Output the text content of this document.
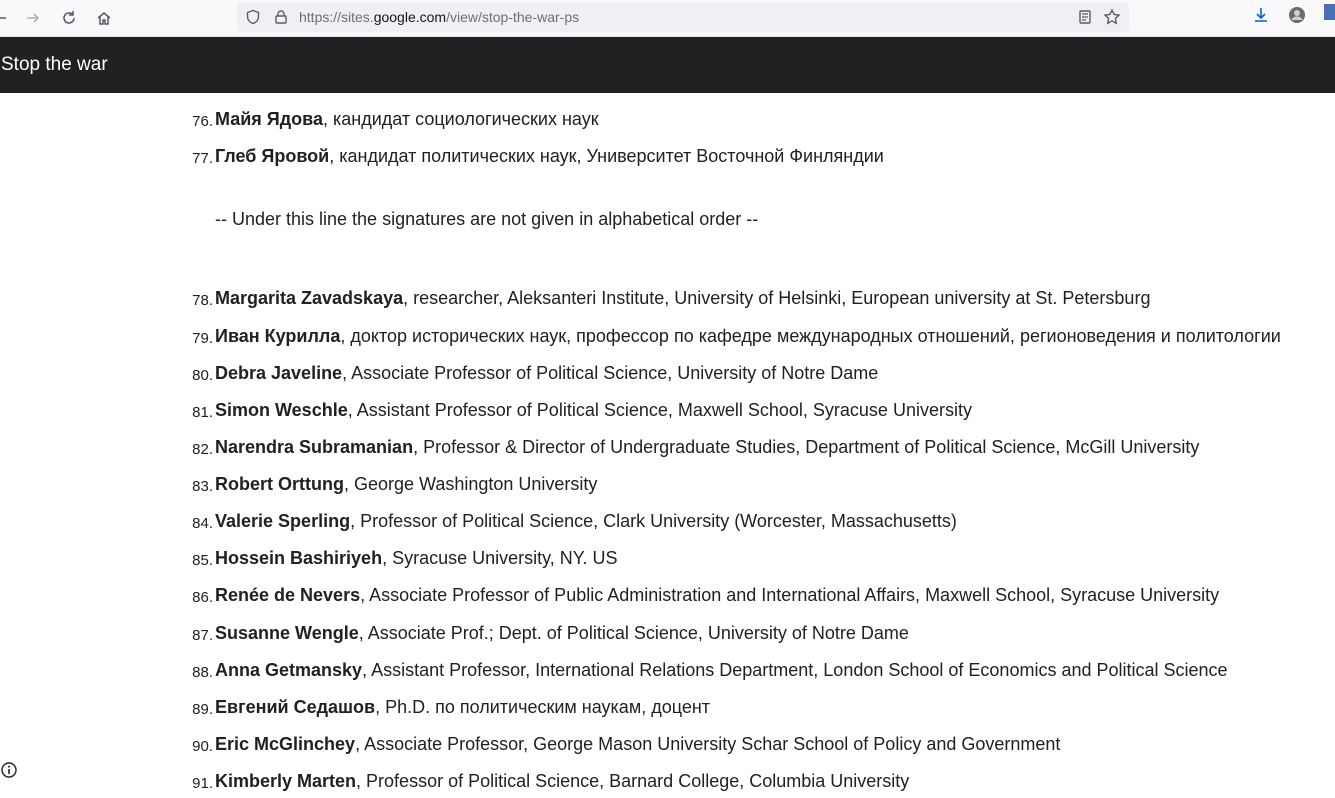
https://sites.google.com/view/stop-the-war-ps
Stop the war
76. Майя Ядова, кандидат социологических наук
77. Глеб Яровой, кандидат политических наук, Университет Восточной Финляндии
78. Margarita Zavadskaya, researcher, Aleksanteri Institute, University of Helsinki, European university at St. Petersburg
79. Иван Курилла, доктор исторических наук, профессор по кафедре международных отношений, регионоведения и политологии
80. Debra Javeline, Associate Professor of Political Science, University of Notre Dame
81. Simon Weschle, Assistant Professor of Political Science, Maxwell School, Syracuse University
82. Narendra Subramanian, Professor & Director of Undergraduate Studies, Department of Political Science, McGill University
83. Robert Orttung, George Washington University
84. Valerie Sperling, Professor of Political Science, Clark University (Worcester, Massachusetts)
85. Hossein Bashiriyeh, Syracuse University, NY. US
86. Renée de Nevers, Associate Professor of Public Administration and International Affairs, Maxwell School, Syracuse University
87. Susanne Wengle, Associate Prof.; Dept. of Political Science, University of Notre Dame
88. Anna Getmansky, Assistant Professor, International Relations Department, London School of Economics and Political Science
89. Евгений Седашов, Ph.D. по политическим наукам, доцент
90. Eric McGlinchey, Associate Professor, George Mason University Schar School of Policy and Government
91. Kimberly Marten, Professor of Political Science, Barnard College, Columbia University
-- Under this line the signatures are not given in alphabetical order --
